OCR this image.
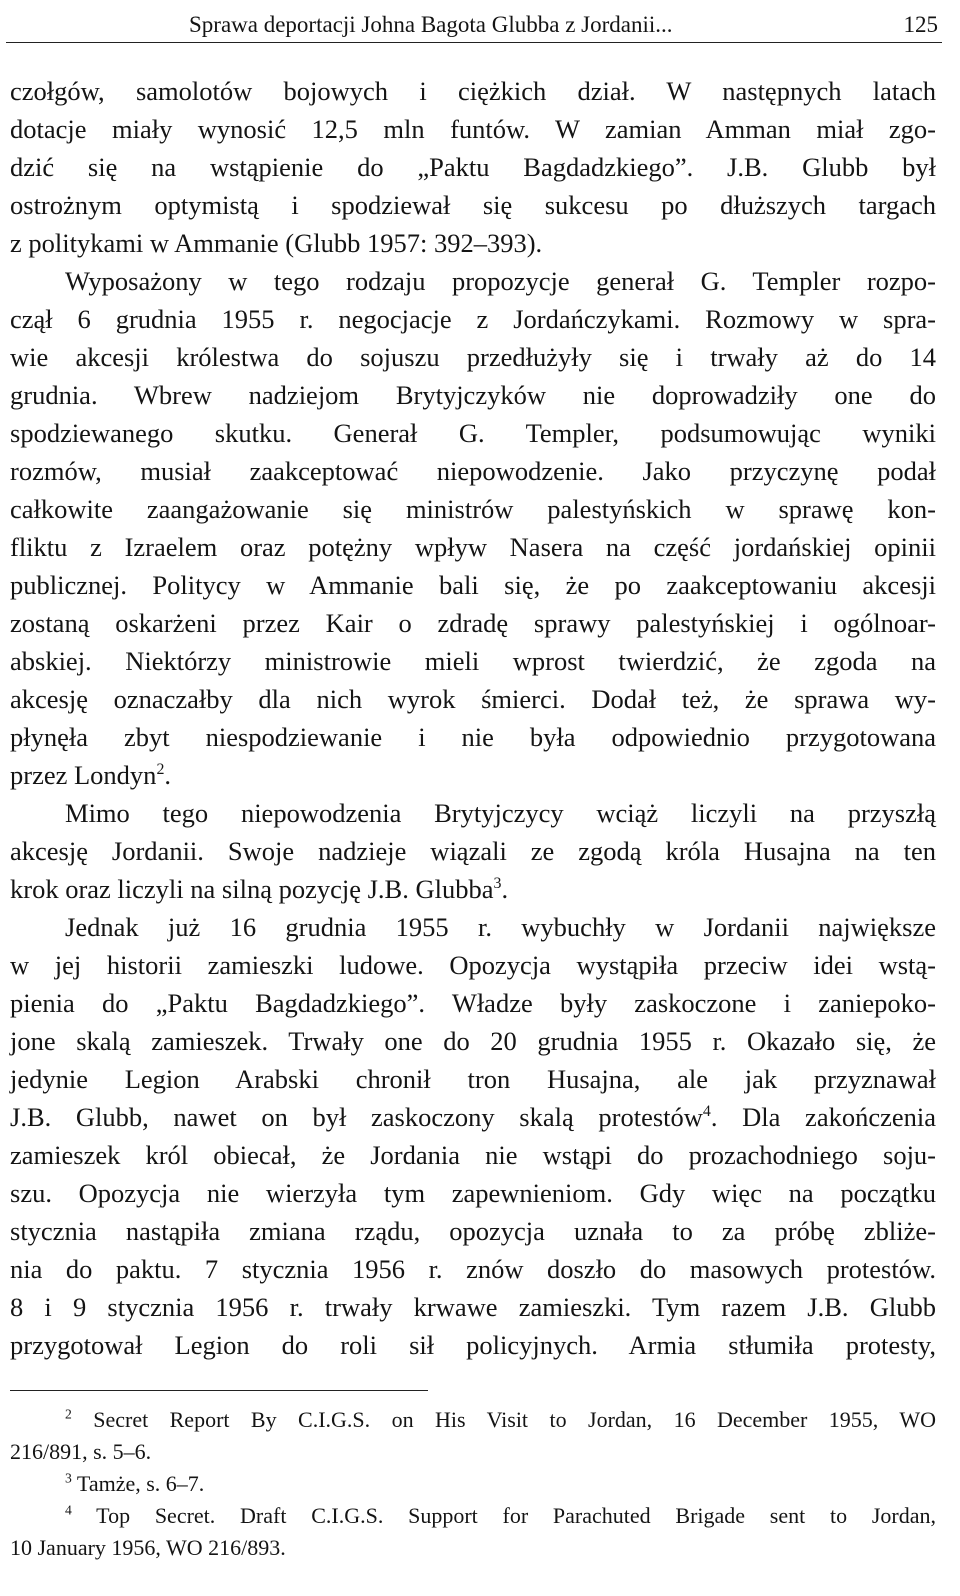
Sprawa deportacji Johna Bagota Glubba z Jordanii...	125
czołgów, samolotów bojowych i ciężkich dział. W następnych latach
dotacje miały wynosić 12,5 mln funtów. W zamian Amman miał zgo-
dzić się na wstąpienie do „Paktu Bagdadzkiego”. J.B. Glubb był
ostrożnym optymistą i spodziewał się sukcesu po dłuższych targach
z politykami w Ammanie (Glubb 1957: 392–393).
Wyposażony w tego rodzaju propozycje generał G. Templer rozpo-
czął 6 grudnia 1955 r. negocjacje z Jordańczykami. Rozmowy w spra-
wie akcesji królestwa do sojuszu przedłużyły się i trwały aż do 14
grudnia. Wbrew nadziejom Brytyjczyków nie doprowadziły one do
spodziewanego skutku. Generał G. Templer, podsumowując wyniki
rozmów, musiał zaakceptować niepowodzenie. Jako przyczynę podał
całkowite zaangażowanie się ministrów palestyńskich w sprawę kon-
fliktu z Izraelem oraz potężny wpływ Nasera na część jordańskiej opinii
publicznej. Politycy w Ammanie bali się, że po zaakceptowaniu akcesji
zostaną oskarżeni przez Kair o zdradę sprawy palestyńskiej i ogólnoar-
abskiej. Niektórzy ministrowie mieli wprost twierdzić, że zgoda na
akcesję oznaczałby dla nich wyrok śmierci. Dodał też, że sprawa wy-
płynęła zbyt niespodziewanie i nie była odpowiednio przygotowana
przez Londyn$^2$.
Mimo tego niepowodzenia Brytyjczycy wciąż liczyli na przyszłą
akcesję Jordanii. Swoje nadzieje wiązali ze zgodą króla Husajna na ten
krok oraz liczyli na silną pozycję J.B. Glubba$^3$.
Jednak już 16 grudnia 1955 r. wybuchły w Jordanii największe
w jej historii zamieszki ludowe. Opozycja wystąpiła przeciw idei wstą-
pienia do „Paktu Bagdadzkiego”. Władze były zaskoczone i zaniepoko-
jone skalą zamieszek. Trwały one do 20 grudnia 1955 r. Okazało się, że
jedynie Legion Arabski chronił tron Husajna, ale jak przyznawał
J.B. Glubb, nawet on był zaskoczony skalą protestów$^4$. Dla zakończenia
zamieszek król obiecał, że Jordania nie wstąpi do prozachodniego soju-
szu. Opozycja nie wierzyła tym zapewnieniom. Gdy więc na początku
stycznia nastąpiła zmiana rządu, opozycja uznała to za próbę zbliże-
nia do paktu. 7 stycznia 1956 r. znów doszło do masowych protestów.
8 i 9 stycznia 1956 r. trwały krwawe zamieszki. Tym razem J.B. Glubb
przygotował Legion do roli sił policyjnych. Armia stłumiła protesty,
$^2$ Secret Report By C.I.G.S. on His Visit to Jordan, 16 December 1955, WO
216/891, s. 5–6.
$^3$ Tamże, s. 6–7.
$^4$ Top Secret. Draft C.I.G.S. Support for Parachuted Brigade sent to Jordan,
10 January 1956, WO 216/893.
